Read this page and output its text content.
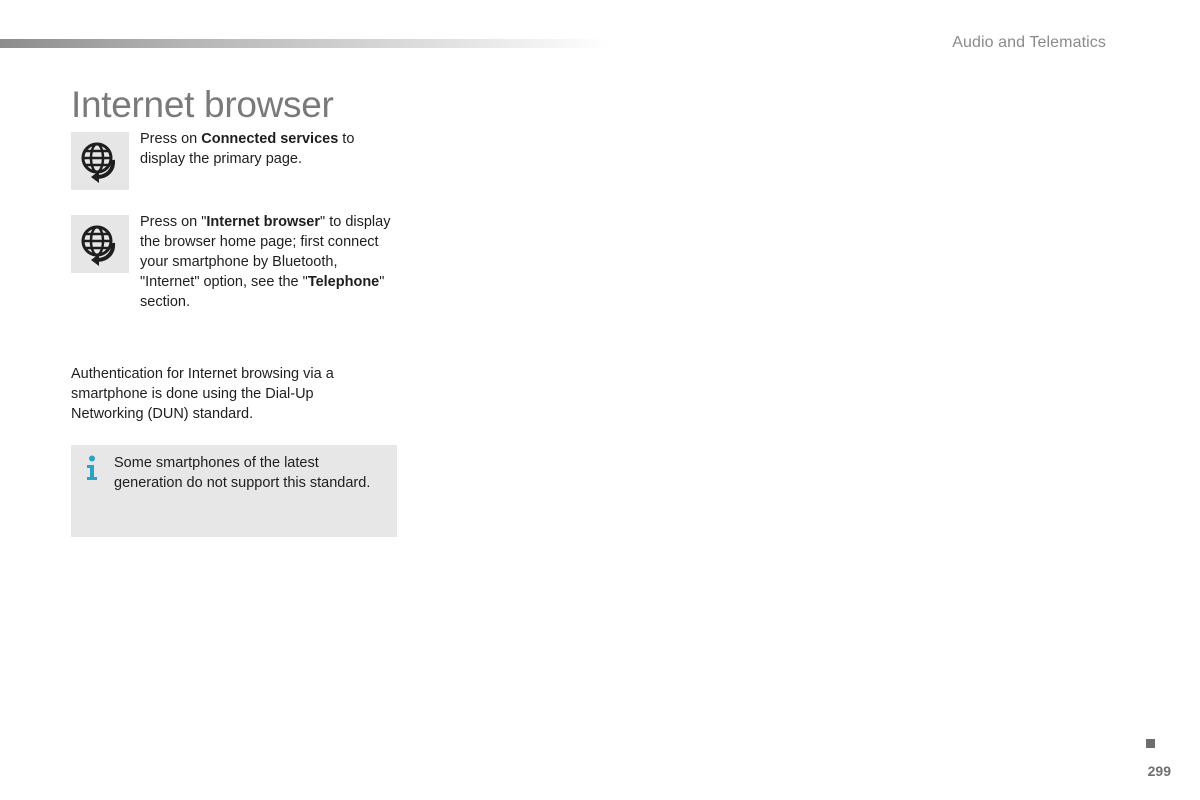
Audio and Telematics
Internet browser

Press on Connected services to display the primary page.

Press on "Internet browser" to display the browser home page; first connect your smartphone by Bluetooth, "Internet" option, see the "Telephone" section.

Authentication for Internet browsing via a smartphone is done using the Dial-Up Networking (DUN) standard.

Some smartphones of the latest generation do not support this standard.

299
